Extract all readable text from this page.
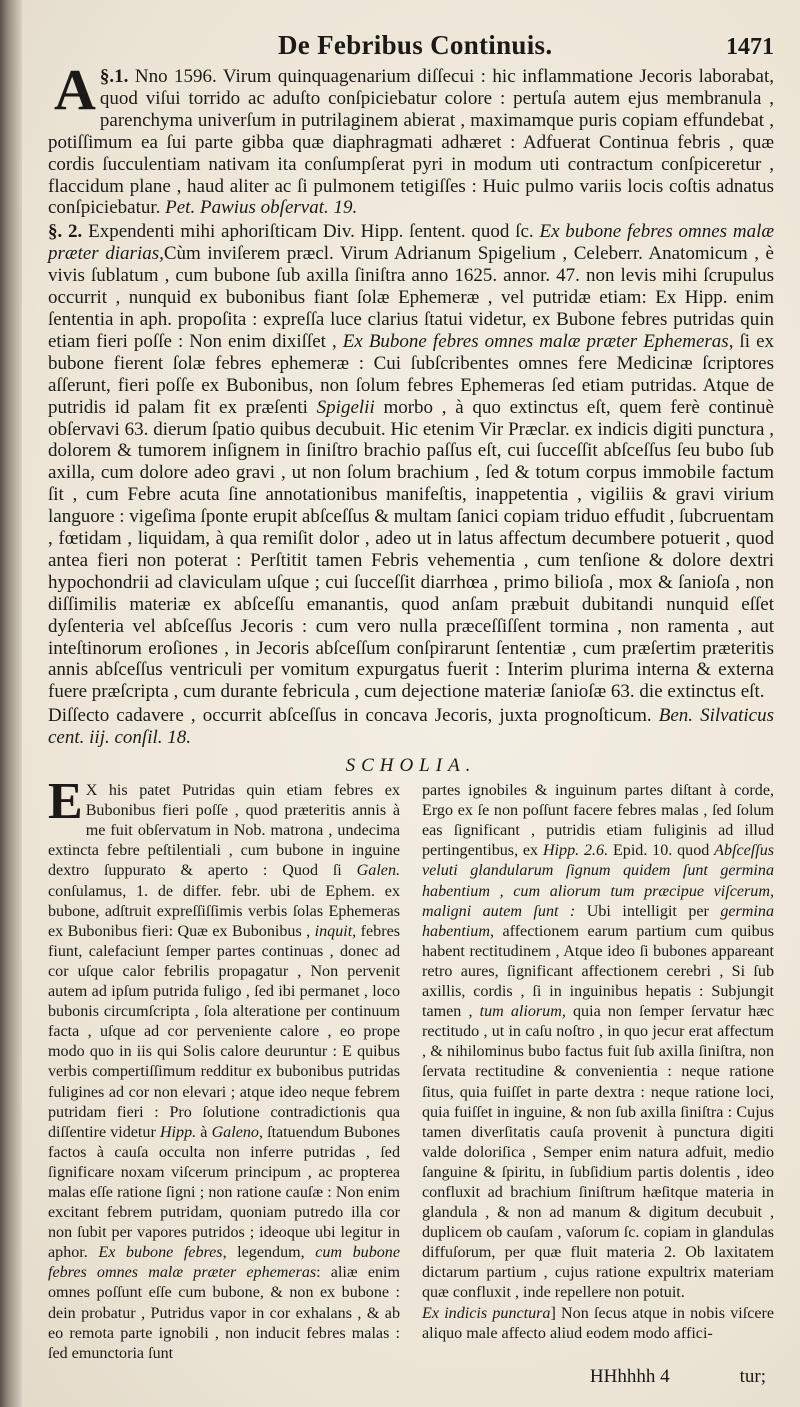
De Febribus Continuis.	1471

§.1.
A Nno 1596. Virum quinquagenarium diſſecui : hic inflammatione Jecoris laborabat, quod viſui torrido ac aduſto conſpiciebatur colore : pertuſa autem ejus membranula , parenchyma univerſum in putrilaginem abierat , maximamque puris copiam effundebat , potiſſimum ea ſui parte gibba quæ diaphragmati adhæret : Adfuerat Continua febris , quæ cordis ſucculentiam nativam ita conſumpſerat pyri in modum uti contractum conſpiceretur , flaccidum plane , haud aliter ac ſi pulmonem tetigiſſes : Huic pulmo variis locis coſtis adnatus conſpiciebatur. Pet. Pawius obſervat. 19.

§. 2. Expendenti mihi aphoriſticam Div. Hipp. ſentent. quod ſc. Ex bubone febres omnes malæ præter diarias,Cùm inviſerem præcl. Virum Adrianum Spigelium , Celeberr. Anatomicum , è vivis ſublatum , cum bubone ſub axilla ſiniſtra anno 1625. annor. 47. non levis mihi ſcrupulus occurrit , nunquid ex bubonibus fiant ſolæ Ephemeræ , vel putridæ etiam: Ex Hipp. enim ſententia in aph. propoſita : expreſſa luce clarius ſtatui videtur, ex Bubone febres putridas quin etiam fieri poſſe : Non enim dixiſſet , Ex Bubone febres omnes malæ præter Ephemeras, ſi ex bubone fierent ſolæ febres ephemeræ : Cui ſubſcribentes omnes fere Medicinæ ſcriptores aſſerunt, fieri poſſe ex Bubonibus, non ſolum febres Ephemeras ſed etiam putridas. Atque de putridis id palam fit ex præſenti Spigelii morbo , à quo extinctus eſt, quem ferè continuè obſervavi 63. dierum ſpatio quibus decubuit. Hic etenim Vir Præclar. ex indicis digiti punctura , dolorem & tumorem inſignem in ſiniſtro brachio paſſus eſt, cui ſucceſſit abſceſſus ſeu bubo ſub axilla, cum dolore adeo gravi , ut non ſolum brachium , ſed & totum corpus immobile factum ſit , cum Febre acuta ſine annotationibus manifeſtis, inappetentia , vigiliis & gravi virium languore : vigeſima ſponte erupit abſceſſus & multam ſanici copiam triduo effudit , ſubcruentam , fœtidam , liquidam, à qua remiſit dolor , adeo ut in latus affectum decumbere potuerit , quod antea fieri non poterat : Perſtitit tamen Febris vehementia , cum tenſione & dolore dextri hypochondrii ad claviculam uſque ; cui ſucceſſit diarrhœa , primo bilioſa , mox & ſanioſa , non diſſimilis materiæ ex abſceſſu emanantis, quod anſam præbuit dubitandi nunquid eſſet dyſenteria vel abſceſſus Jecoris : cum vero nulla præceſſiſſent tormina , non ramenta , aut inteſtinorum eroſiones , in Jecoris abſceſſum conſpirarunt ſententiæ , cum præſertim præteritis annis abſceſſus ventriculi per vomitum expurgatus fuerit : Interim plurima interna & externa fuere præſcripta , cum durante febricula , cum dejectione materiæ ſanioſæ 63. die extinctus eſt.

Diſſecto cadavere , occurrit abſceſſus in concava Jecoris, juxta prognoſticum. Ben. Silvaticus cent. iij. conſil. 18.

SCHOLIA.

E X his patet Putridas quin etiam febres ex Bubonibus fieri poſſe , quod præteritis annis à me fuit obſervatum in Nob. matrona , undecima extincta febre peſtilentiali , cum bubone in inguine dextro ſuppurato & aperto : Quod ſi Galen. conſulamus, 1. de differ. febr. ubi de Ephem. ex bubone, adſtruit expreſſiſſimis verbis ſolas Ephemeras ex Bubonibus fieri: Quæ ex Bubonibus , inquit, febres fiunt, calefaciunt ſemper partes continuas , donec ad cor uſque calor febrilis propagatur , Non pervenit autem ad ipſum putrida fuligo , ſed ibi permanet , loco bubonis circumſcripta , ſola alteratione per continuum facta , uſque ad cor perveniente calore , eo prope modo quo in iis qui Solis calore deuruntur : E quibus verbis compertiſſimum redditur ex bubonibus putridas fuligines ad cor non elevari ; atque ideo neque febrem putridam fieri : Pro ſolutione contradictionis qua diſſentire videtur Hipp. à Galeno, ſtatuendum Bubones factos à cauſa occulta non inferre putridas , ſed ſignificare noxam viſcerum principum , ac propterea malas eſſe ratione ſigni ; non ratione cauſæ : Non enim excitant febrem putridam, quoniam putredo illa cor non ſubit per vapores putridos ; ideoque ubi legitur in aphor. Ex bubone febres, legendum, cum bubone febres omnes malæ præter ephemeras: aliæ enim omnes poſſunt eſſe cum bubone, & non ex bubone : dein probatur , Putridus vapor in cor exhalans , & ab eo remota parte ignobili , non inducit febres malas : ſed emunctoria ſunt

partes ignobiles & inguinum partes diſtant à corde, Ergo ex ſe non poſſunt facere febres malas , ſed ſolum eas ſignificant , putridis etiam fuliginis ad illud pertingentibus, ex Hipp. 2.6. Epid. 10. quod Abſceſſus veluti glandularum ſignum quidem ſunt germina habentium , cum aliorum tum præcipue viſcerum, maligni autem ſunt : Ubi intelligit per germina habentium, affectionem earum partium cum quibus habent rectitudinem , Atque ideo ſi bubones appareant retro aures, ſignificant affectionem cerebri , Si ſub axillis, cordis , ſi in inguinibus hepatis : Subjungit tamen , tum aliorum, quia non ſemper ſervatur hæc rectitudo , ut in caſu noſtro , in quo jecur erat affectum , & nihilominus bubo factus fuit ſub axilla ſiniſtra, non ſervata rectitudine & convenientia : neque ratione ſitus, quia fuiſſet in parte dextra : neque ratione loci, quia fuiſſet in inguine, & non ſub axilla ſiniſtra : Cujus tamen diverſitatis cauſa provenit à punctura digiti valde doloriſica , Semper enim natura adfuit, medio ſanguine & ſpiritu, in ſubſidium partis dolentis , ideo confluxit ad brachium ſiniſtrum hæſitque materia in glandula , & non ad manum & digitum decubuit , duplicem ob cauſam , vaſorum ſc. copiam in glandulas diffuſorum, per quæ fluit materia 2. Ob laxitatem dictarum partium , cujus ratione expultrix materiam quæ confluxit , inde repellere non potuit.

Ex indicis punctura] Non ſecus atque in nobis viſcere aliquo male affecto aliud eodem modo affici-

HHhhhh 4	tur;
